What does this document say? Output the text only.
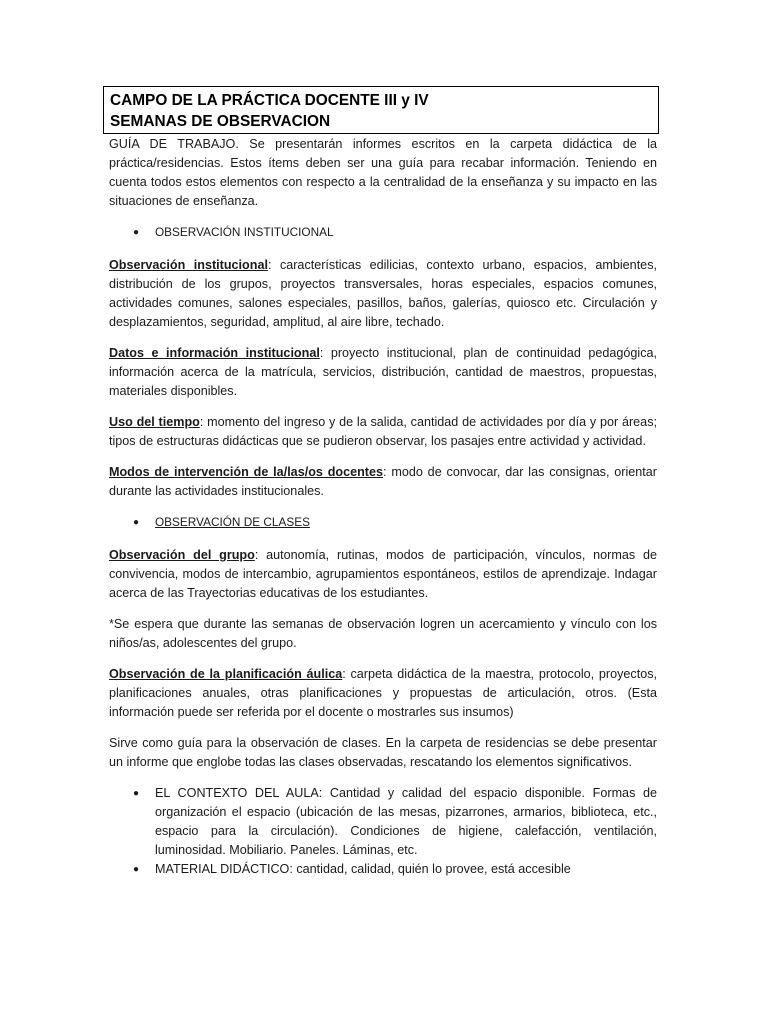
CAMPO DE LA PRÁCTICA DOCENTE III y IV
SEMANAS DE OBSERVACION

GUÍA DE TRABAJO. Se presentarán informes escritos en la carpeta didáctica de la práctica/residencias. Estos ítems deben ser una guía para recabar información. Teniendo en cuenta todos estos elementos con respecto a la centralidad de la enseñanza y su impacto en las situaciones de enseñanza.

● OBSERVACIÓN INSTITUCIONAL

Observación institucional: características edilicias, contexto urbano, espacios, ambientes, distribución de los grupos, proyectos transversales, horas especiales, espacios comunes, actividades comunes, salones especiales, pasillos, baños, galerías, quiosco etc. Circulación y desplazamientos, seguridad, amplitud, al aire libre, techado.

Datos e información institucional: proyecto institucional, plan de continuidad pedagógica, información acerca de la matrícula, servicios, distribución, cantidad de maestros, propuestas, materiales disponibles.

Uso del tiempo: momento del ingreso y de la salida, cantidad de actividades por día y por áreas; tipos de estructuras didácticas que se pudieron observar, los pasajes entre actividad y actividad.

Modos de intervención de la/las/os docentes: modo de convocar, dar las consignas, orientar durante las actividades institucionales.

● OBSERVACIÓN DE CLASES

Observación del grupo: autonomía, rutinas, modos de participación, vínculos, normas de convivencia, modos de intercambio, agrupamientos espontáneos, estilos de aprendizaje. Indagar acerca de las Trayectorias educativas de los estudiantes.

*Se espera que durante las semanas de observación logren un acercamiento y vínculo con los niños/as, adolescentes del grupo.

Observación de la planificación áulica: carpeta didáctica de la maestra, protocolo, proyectos, planificaciones anuales, otras planificaciones y propuestas de articulación, otros. (Esta información puede ser referida por el docente o mostrarles sus insumos)

Sirve como guía para la observación de clases. En la carpeta de residencias se debe presentar un informe que englobe todas las clases observadas, rescatando los elementos significativos.

● EL CONTEXTO DEL AULA: Cantidad y calidad del espacio disponible. Formas de organización el espacio (ubicación de las mesas, pizarrones, armarios, biblioteca, etc., espacio para la circulación). Condiciones de higiene, calefacción, ventilación, luminosidad. Mobiliario. Paneles. Láminas, etc.
● MATERIAL DIDÁCTICO: cantidad, calidad, quién lo provee, está accesible
